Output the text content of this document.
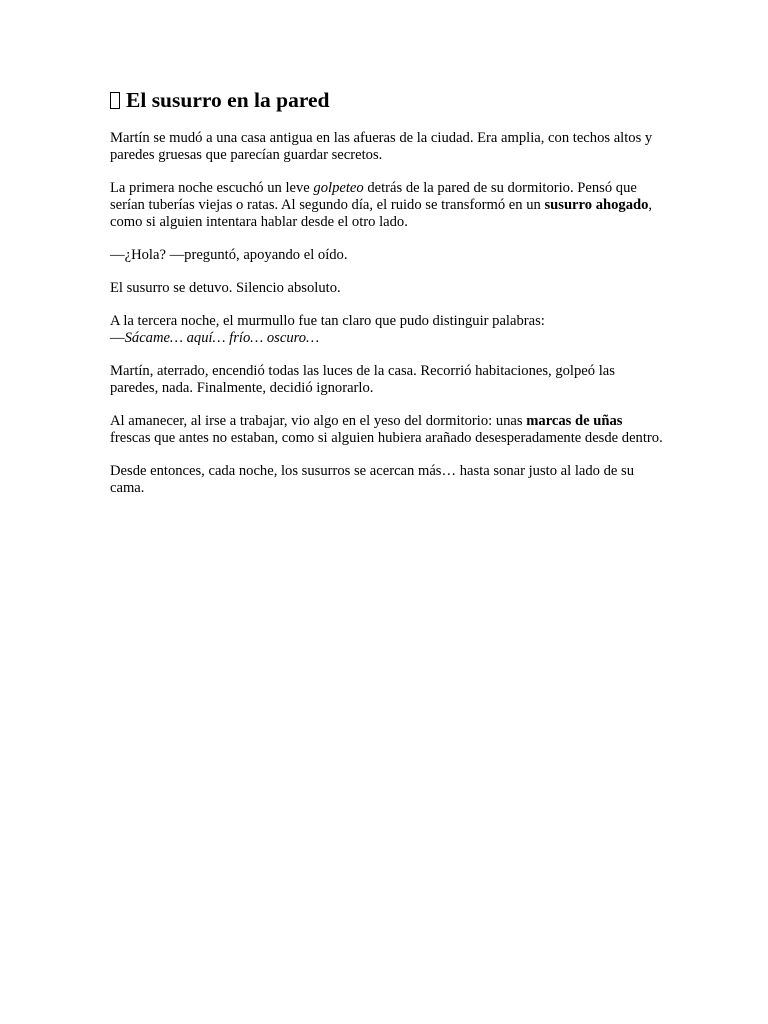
El susurro en la pared

Martín se mudó a una casa antigua en las afueras de la ciudad. Era amplia, con techos altos y paredes gruesas que parecían guardar secretos.

La primera noche escuchó un leve golpeteo detrás de la pared de su dormitorio. Pensó que serían tuberías viejas o ratas. Al segundo día, el ruido se transformó en un susurro ahogado, como si alguien intentara hablar desde el otro lado.

—¿Hola? —preguntó, apoyando el oído.

El susurro se detuvo. Silencio absoluto.

A la tercera noche, el murmullo fue tan claro que pudo distinguir palabras:
—Sácame… aquí… frío… oscuro…

Martín, aterrado, encendió todas las luces de la casa. Recorrió habitaciones, golpeó las paredes, nada. Finalmente, decidió ignorarlo.

Al amanecer, al irse a trabajar, vio algo en el yeso del dormitorio: unas marcas de uñas frescas que antes no estaban, como si alguien hubiera arañado desesperadamente desde dentro.

Desde entonces, cada noche, los susurros se acercan más… hasta sonar justo al lado de su cama.
